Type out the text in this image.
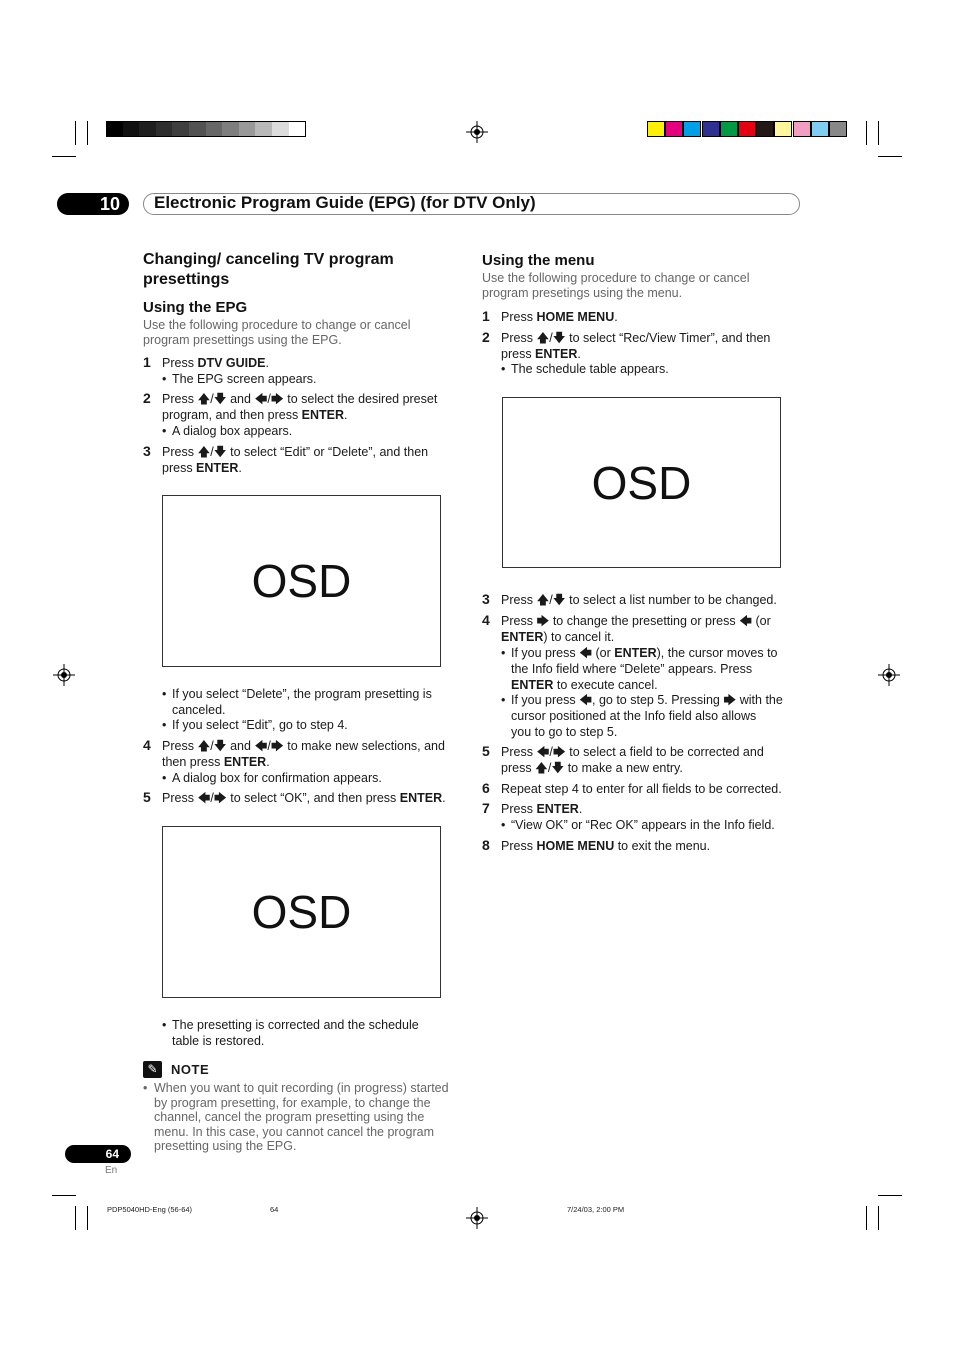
10	Electronic Program Guide (EPG) (for DTV Only)
Changing/ canceling TV program
presettings
Using the EPG
Use the following procedure to change or cancel
program presettings using the EPG.
1 Press DTV GUIDE.
• The EPG screen appears.
2 Press 🡅/🡇 and 🡄/🡆 to select the desired preset
program, and then press ENTER.
• A dialog box appears.
3 Press 🡅/🡇 to select “Edit” or “Delete”, and then
press ENTER.
OSD
• If you select “Delete”, the program presetting is
canceled.
• If you select “Edit”, go to step 4.
4 Press 🡅/🡇 and 🡄/🡆 to make new selections, and
then press ENTER.
• A dialog box for confirmation appears.
5 Press 🡄/🡆 to select “OK”, and then press ENTER.
OSD
• The presetting is corrected and the schedule
table is restored.
✎	NOTE
• When you want to quit recording (in progress) started
by program presetting, for example, to change the
channel, cancel the program presetting using the
menu. In this case, you cannot cancel the program
presetting using the EPG.
Using the menu
Use the following procedure to change or cancel
program presetings using the menu.
1 Press HOME MENU.
2 Press 🡅/🡇 to select “Rec/View Timer”, and then
press ENTER.
• The schedule table appears.
OSD
3 Press 🡅/🡇 to select a list number to be changed.
4 Press 🡆 to change the presetting or press 🡄 (or
ENTER) to cancel it.
• If you press 🡄 (or ENTER), the cursor moves to
the Info field where “Delete” appears. Press
ENTER to execute cancel.
• If you press 🡄, go to step 5. Pressing 🡆 with the
cursor positioned at the Info field also allows
you to go to step 5.
5 Press 🡄/🡆 to select a field to be corrected and
press 🡅/🡇 to make a new entry.
6 Repeat step 4 to enter for all fields to be corrected.
7 Press ENTER.
• “View OK” or “Rec OK” appears in the Info field.
8 Press HOME MENU to exit the menu.
64
En
PDP5040HD-Eng (56-64)	64	7/24/03, 2:00 PM
